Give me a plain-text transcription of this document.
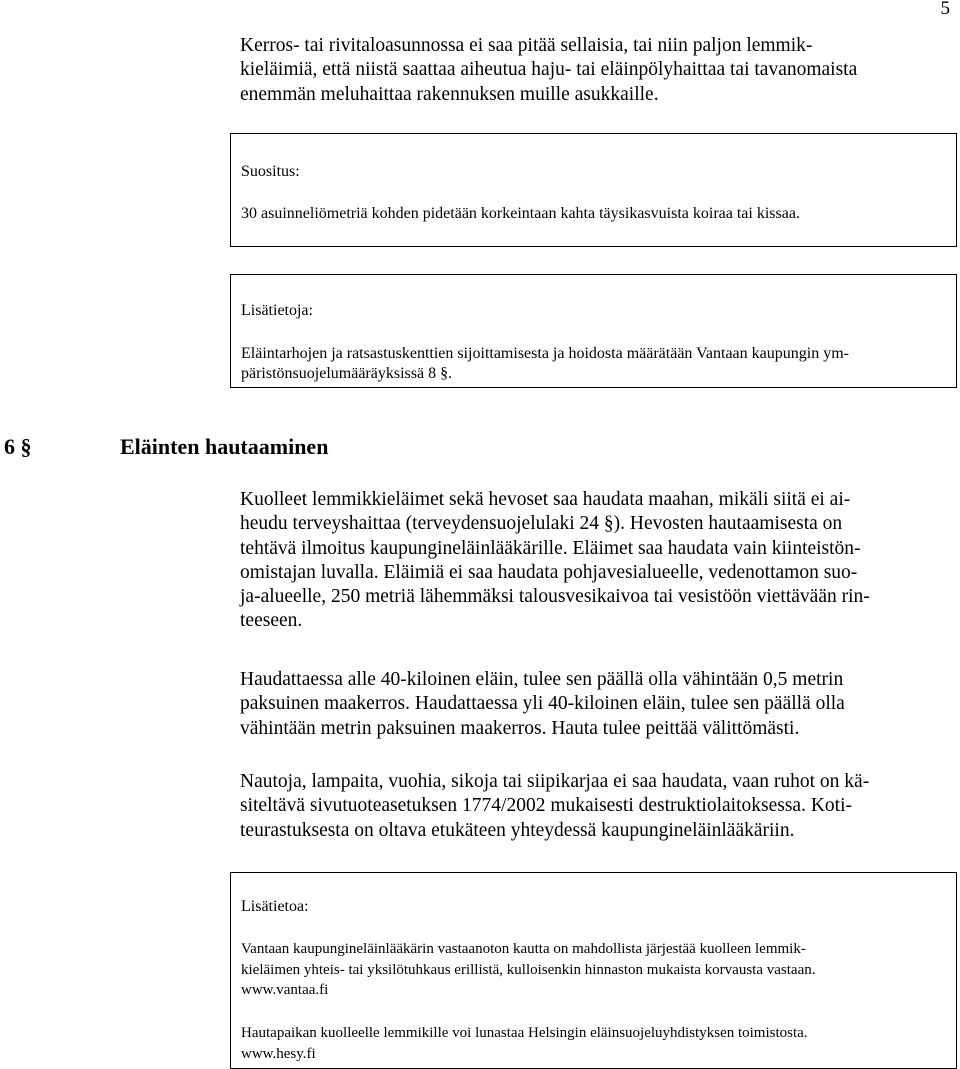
5
Kerros- tai rivitaloasunnossa ei saa pitää sellaisia, tai niin paljon lemmik-
kieläimiä, että niistä saattaa aiheutua haju- tai eläinpölyhaittaa tai tavanomaista
enemmän meluhaittaa rakennuksen muille asukkaille.

Suositus:

30 asuinneliömetriä kohden pidetään korkeintaan kahta täysikasvuista koiraa tai kissaa.

Lisätietoja:

Eläintarhojen ja ratsastuskenttien sijoittamisesta ja hoidosta määrätään Vantaan kaupungin ym-
päristönsuojelumääräyksissä 8 §.
6 §	Eläinten hautaaminen
Kuolleet lemmikkieläimet sekä hevoset saa haudata maahan, mikäli siitä ei ai-
heudu terveyshaittaa (terveydensuojelulaki 24 §). Hevosten hautaamisesta on
tehtävä ilmoitus kaupungineläinlääkärille. Eläimet saa haudata vain kiinteistön-
omistajan luvalla. Eläimiä ei saa haudata pohjavesialueelle, vedenottamon suo-
ja-alueelle, 250 metriä lähemmäksi talousvesikaivoa tai vesistöön viettävään rin-
teeseen.
Haudattaessa alle 40-kiloinen eläin, tulee sen päällä olla vähintään 0,5 metrin
paksuinen maakerros. Haudattaessa yli 40-kiloinen eläin, tulee sen päällä olla
vähintään metrin paksuinen maakerros. Hauta tulee peittää välittömästi.
Nautoja, lampaita, vuohia, sikoja tai siipikarjaa ei saa haudata, vaan ruhot on kä-
siteltävä sivutuoteasetuksen 1774/2002 mukaisesti destruktiolaitoksessa. Koti-
teurastuksesta on oltava etukäteen yhteydessä kaupungineläinlääkäriin.

Lisätietoa:

Vantaan kaupungineläinlääkärin vastaanoton kautta on mahdollista järjestää kuolleen lemmik-
kieläimen yhteis- tai yksilötuhkaus erillistä, kulloisenkin hinnaston mukaista korvausta vastaan.
www.vantaa.fi
Hautapaikan kuolleelle lemmikille voi lunastaa Helsingin eläinsuojeluyhdistyksen toimistosta.
www.hesy.fi
